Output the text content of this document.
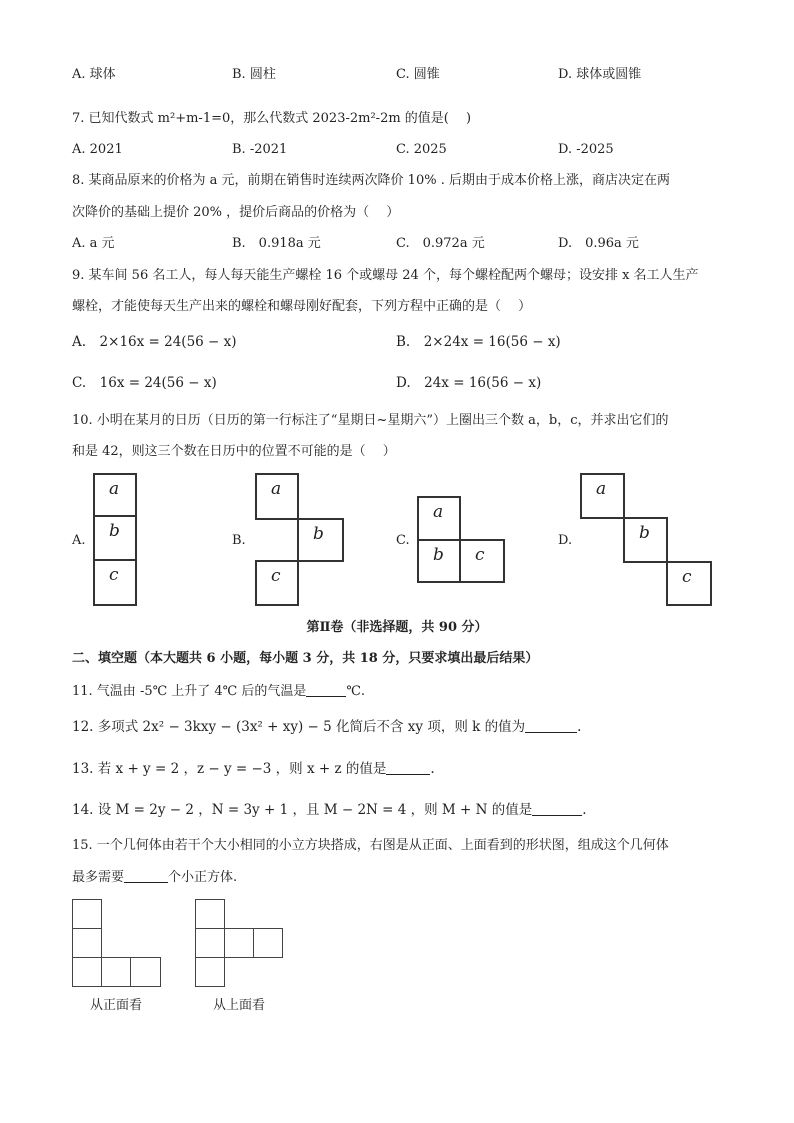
A. 球体	B. 圆柱	C. 圆锥	D. 球体或圆锥
7. 已知代数式 m²+m-1=0，那么代数式 2023-2m²-2m 的值是(　 )
A. 2021	B. -2021	C. 2025	D. -2025
8. 某商品原来的价格为 a 元，前期在销售时连续两次降价 10% . 后期由于成本价格上涨，商店决定在两
次降价的基础上提价 20% ，提价后商品的价格为（　 ）
A. a 元	B.　0.918a 元	C.　0.972a 元	D.　0.96a 元
9. 某车间 56 名工人，每人每天能生产螺栓 16 个或螺母 24 个，每个螺栓配两个螺母；设安排 x 名工人生产
螺栓，才能使每天生产出来的螺栓和螺母刚好配套，下列方程中正确的是（　 ）
A.　2×16x = 24(56 − x)	B.　2×24x = 16(56 − x)
C.　16x = 24(56 − x)	D.　24x = 16(56 − x)
10. 小明在某月的日历（日历的第一行标注了“星期日~星期六”）上圈出三个数 a，b，c，并求出它们的
和是 42，则这三个数在日历中的位置不可能的是（　 ）
A.
a
b
c
B.
a
b
c
C.
a
b c
D.
a
b
c
第Ⅱ卷（非选择题，共 90 分）
二、填空题（本大题共 6 小题，每小题 3 分，共 18 分，只要求填出最后结果）
11. 气温由 -5℃ 上升了 4℃ 后的气温是	℃.
12. 多项式 2x² − 3kxy − (3x² + xy) − 5 化简后不含 xy 项，则 k 的值为	.
13. 若 x + y = 2 ，z − y = −3 ，则 x + z 的值是	.
14. 设 M = 2y − 2 ，N = 3y + 1 ，且 M − 2N = 4 ，则 M + N 的值是	.
15. 一个几何体由若干个大小相同的小立方块搭成，右图是从正面、上面看到的形状图，组成这个几何体
最多需要	个小正方体.
从正面看	从上面看
